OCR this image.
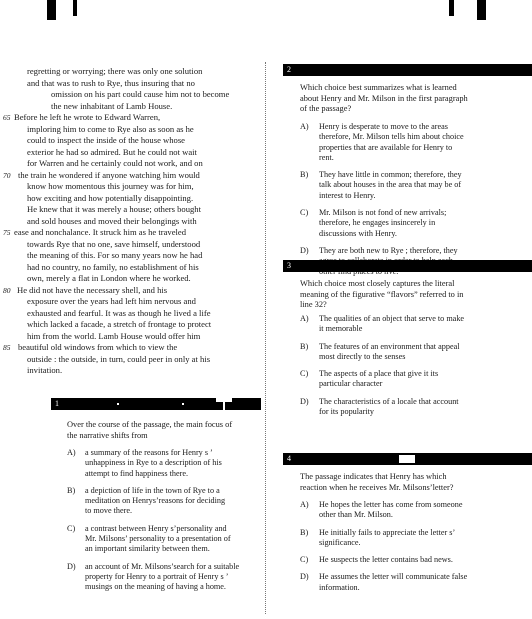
regretting or worrying; there was only one solution
and that was to rush to Rye, thus insuring that no
omission on his part could cause him not to become
the new inhabitant of Lamb House.
65 Before he left he wrote to Edward Warren,
imploring him to come to Rye also as soon as he
could to inspect the inside of the house whose
exterior he had so admired. But he could not wait
for Warren and he certainly could not work, and on
70 the train he wondered if anyone watching him would
know how momentous this journey was for him,
how exciting and how potentially disappointing.
He knew that it was merely a house; others bought
and sold houses and moved their belongings with
75 ease and nonchalance. It struck him as he traveled
towards Rye that no one, save himself, understood
the meaning of this. For so many years now he had
had no country, no family, no establishment of his
own, merely a flat in London where he worked.
80 He did not have the necessary shell, and his
exposure over the years had left him nervous and
exhausted and fearful. It was as though he lived a life
which lacked a facade, a stretch of frontage to protect
him from the world. Lamb House would offer him
85 beautiful old windows from which to view the
outside : the outside, in turn, could peer in only at his
invitation.
1
Over the course of the passage, the main focus of
the narrative shifts from
A) a summary of the reasons for Henry s ’
unhappiness in Rye to a description of his
attempt to find happiness there.
B) a depiction of life in the town of Rye to a
meditation on Henrys’reasons for deciding
to move there.
C) a contrast between Henry s’personality and
Mr. Milsons’ personality to a presentation of
an important similarity between them.
D) an account of Mr. Milsons’search for a suitable
property for Henry to a portrait of Henry s ’
musings on the meaning of having a home.
2
Which choice best summarizes what is learned
about Henry and Mr. Milson in the first paragraph
of the passage?
A) Henry is desperate to move to the areas
therefore, Mr. Milson tells him about choice
properties that are available for Henry to
rent.
B) They have little in common; therefore, they
talk about houses in the area that may be of
interest to Henry.
C) Mr. Milson is not fond of new arrivals;
therefore, he engages insincerely in
discussions with Henry.
D) They are both new to Rye ; therefore, they
3
Which choice most closely captures the literal
meaning of the figurative “flavors” referred to in
line 32?
A) The qualities of an object that serve to make
it memorable
B) The features of an environment that appeal
most directly to the senses
C) The aspects of a place that give it its
particular character
D) The characteristics of a locale that account
for its popularity
4
The passage indicates that Henry has which
reaction when he receives Mr. Milsons’letter?
A) He hopes the letter has come from someone
other than Mr. Milson.
B) He initially fails to appreciate the letter s’
significance.
C) He suspects the letter contains bad news.
D) He assumes the letter will communicate false
information.
